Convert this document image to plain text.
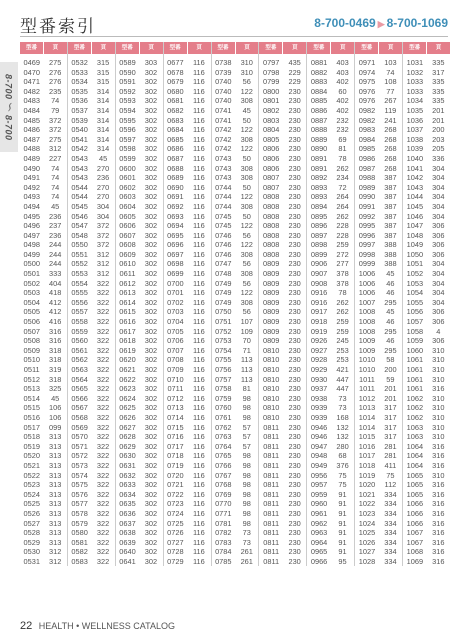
8-700 〜 8-700
型番索引	8-700-0469 ▶ 8-700-1069
型番	頁
0469	275
0470	276
0471	276
0482	235
0483	74
0484	79
0485	372
0486	372
0487	275
0488	312
0489	227
0490	74
0491	74
0492	74
0493	74
0494	45
0495	236
0496	237
0497	236
0498	244
0499	244
0500	244
0501	333
0502	404
0503	418
0504	412
0505	412
0506	416
0507	316
0508	316
0509	318
0510	318
0511	319
0512	318
0513	325
0514	45
0515	106
0516	106
0517	099
0518	313
0519	313
0520	313
0521	313
0522	313
0523	313
0524	313
0525	313
0526	313
0527	313
0528	313
0529	313
0530	312
0531	312
型番	頁
0532	315
0533	315
0534	315
0535	314
0536	314
0537	314
0539	314
0540	314
0541	314
0542	314
0543	45
0543	270
0543	236
0544	270
0544	270
0545	304
0546	304
0547	372
0548	372
0550	372
0551	312
0552	312
0553	312
0554	322
0555	322
0556	322
0557	322
0558	322
0559	322
0560	322
0561	322
0562	322
0563	322
0564	322
0565	322
0566	322
0567	322
0568	322
0569	322
0570	322
0571	322
0572	322
0573	322
0574	322
0575	322
0576	322
0577	322
0578	322
0579	322
0580	322
0581	322
0582	322
0583	322
型番	頁
0589	303
0590	302
0591	302
0592	302
0593	302
0594	302
0595	302
0596	302
0597	302
0598	302
0599	302
0600	302
0601	302
0602	302
0603	302
0604	302
0605	302
0606	302
0607	302
0608	302
0609	302
0610	302
0611	302
0612	302
0613	302
0614	302
0615	302
0616	302
0617	302
0618	302
0619	302
0620	302
0621	302
0622	302
0623	302
0624	302
0625	302
0626	302
0627	302
0628	302
0629	302
0630	302
0631	302
0632	302
0633	302
0634	302
0635	302
0636	302
0637	302
0638	302
0639	302
0640	302
0641	302
型番	頁
0677	116
0678	116
0679	116
0680	116
0681	116
0682	116
0683	116
0684	116
0685	116
0686	116
0687	116
0688	116
0689	116
0690	116
0691	116
0692	116
0693	116
0694	116
0695	116
0696	116
0697	116
0698	116
0699	116
0700	116
0701	116
0702	116
0703	116
0704	116
0705	116
0706	116
0707	116
0708	116
0709	116
0710	116
0711	116
0712	116
0713	116
0714	116
0715	116
0716	116
0717	116
0718	116
0719	116
0720	116
0721	116
0722	116
0723	116
0724	116
0725	116
0726	116
0727	116
0728	116
0729	116
型番	頁
0738	310
0739	310
0740	56
0740	122
0740	308
0741	45
0741	50
0742	122
0742	308
0742	122
0743	50
0743	308
0743	308
0744	50
0744	122
0744	308
0745	50
0745	122
0746	56
0746	122
0746	308
0747	56
0748	308
0749	56
0749	122
0749	308
0750	56
0751	107
0752	109
0753	70
0754	71
0755	113
0756	113
0757	113
0758	81
0759	98
0760	98
0761	98
0762	57
0763	57
0764	57
0765	98
0766	98
0767	98
0768	98
0769	98
0770	98
0771	98
0781	98
0782	73
0783	73
0784	261
0785	261
型番	頁
0797	435
0798	229
0799	229
0800	230
0801	230
0802	230
0803	230
0804	230
0805	230
0806	230
0806	230
0806	230
0807	230
0807	230
0808	230
0808	230
0808	230
0808	230
0808	230
0808	230
0808	230
0809	230
0809	230
0809	230
0809	230
0809	230
0809	230
0809	230
0809	230
0809	230
0810	230
0810	230
0810	230
0810	230
0810	230
0810	230
0810	230
0810	230
0811	230
0811	230
0811	230
0811	230
0811	230
0811	230
0811	230
0811	230
0811	230
0811	230
0811	230
0811	230
0811	230
0811	230
0811	230
型番	頁
0881	403
0882	403
0883	402
0884	60
0885	402
0886	402
0887	232
0888	232
0889	69
0890	81
0891	78
0891	262
0892	234
0893	72
0893	264
0894	264
0895	262
0896	228
0897	228
0898	259
0899	272
0906	277
0907	378
0908	378
0916	78
0916	262
0917	262
0918	259
0919	259
0926	245
0927	253
0928	253
0929	421
0930	447
0937	447
0938	73
0939	73
0939	168
0946	132
0946	132
0947	280
0948	68
0949	376
0956	75
0957	75
0959	91
0960	91
0961	91
0962	91
0963	91
0964	91
0965	91
0966	95
型番	頁
0971	103
0974	74
0975	108
0976	77
0976	267
0982	119
0982	241
0983	268
0984	268
0985	268
0986	268
0987	268
0988	387
0989	387
0990	387
0991	387
0992	387
0995	387
0996	387
0997	388
0998	388
0999	388
1006	45
1006	46
1006	46
1007	295
1008	45
1008	46
1008	295
1009	46
1009	295
1010	58
1010	200
1011	59
1011	201
1012	201
1013	317
1014	317
1014	317
1015	317
1016	281
1017	281
1018	411
1019	75
1020	112
1021	334
1022	334
1023	334
1024	334
1025	334
1026	334
1027	334
1028	334
型番	頁
1031	335
1032	317
1033	335
1033	335
1034	335
1035	201
1036	201
1037	200
1038	203
1039	205
1040	336
1041	304
1042	304
1043	304
1044	304
1045	304
1046	304
1047	306
1048	306
1049	306
1050	306
1051	304
1052	304
1053	304
1054	304
1055	304
1056	306
1057	306
1058	4
1059	306
1060	310
1061	310
1061	310
1061	310
1061	316
1062	310
1062	310
1062	310
1063	310
1063	310
1064	316
1064	316
1064	316
1065	310
1065	316
1065	316
1066	316
1066	316
1066	316
1067	316
1067	316
1068	316
1069	316
22 HEALTH • WELLNESS CATALOG
